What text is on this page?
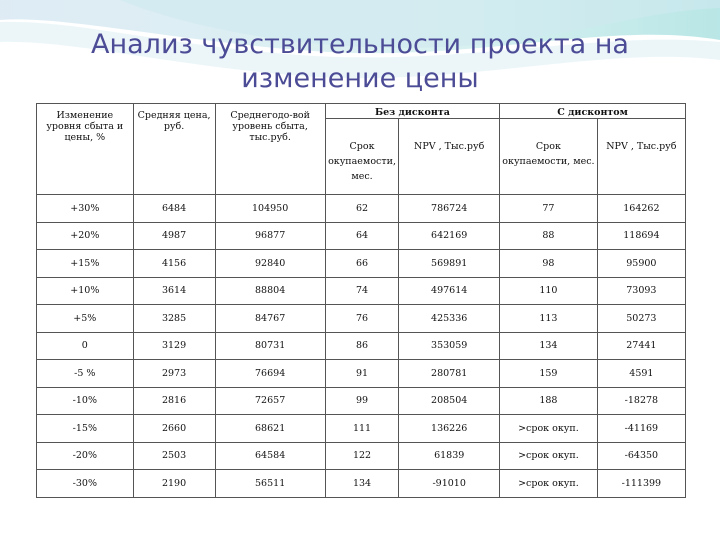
Анализ чувствительности проекта на
изменение цены
Изменение уровня сбыта и цены, %	Средняя цена, руб.	Среднегодо-вой уровень сбыта, тыс.руб.	Без дисконта		С дисконтом	
			Срок окупаемости, мес.	NPV , Тыс.руб	Срок окупаемости, мес.	NPV , Тыс.руб
+30%	6484	104950	62	786724	77	164262
+20%	4987	96877	64	642169	88	118694
+15%	4156	92840	66	569891	98	95900
+10%	3614	88804	74	497614	110	73093
+5%	3285	84767	76	425336	113	50273
0	3129	80731	86	353059	134	27441
-5 %	2973	76694	91	280781	159	4591
-10%	2816	72657	99	208504	188	-18278
-15%	2660	68621	111	136226	>срок окуп.	-41169
-20%	2503	64584	122	61839	>срок окуп.	-64350
-30%	2190	56511	134	-91010	>срок окуп.	-111399
